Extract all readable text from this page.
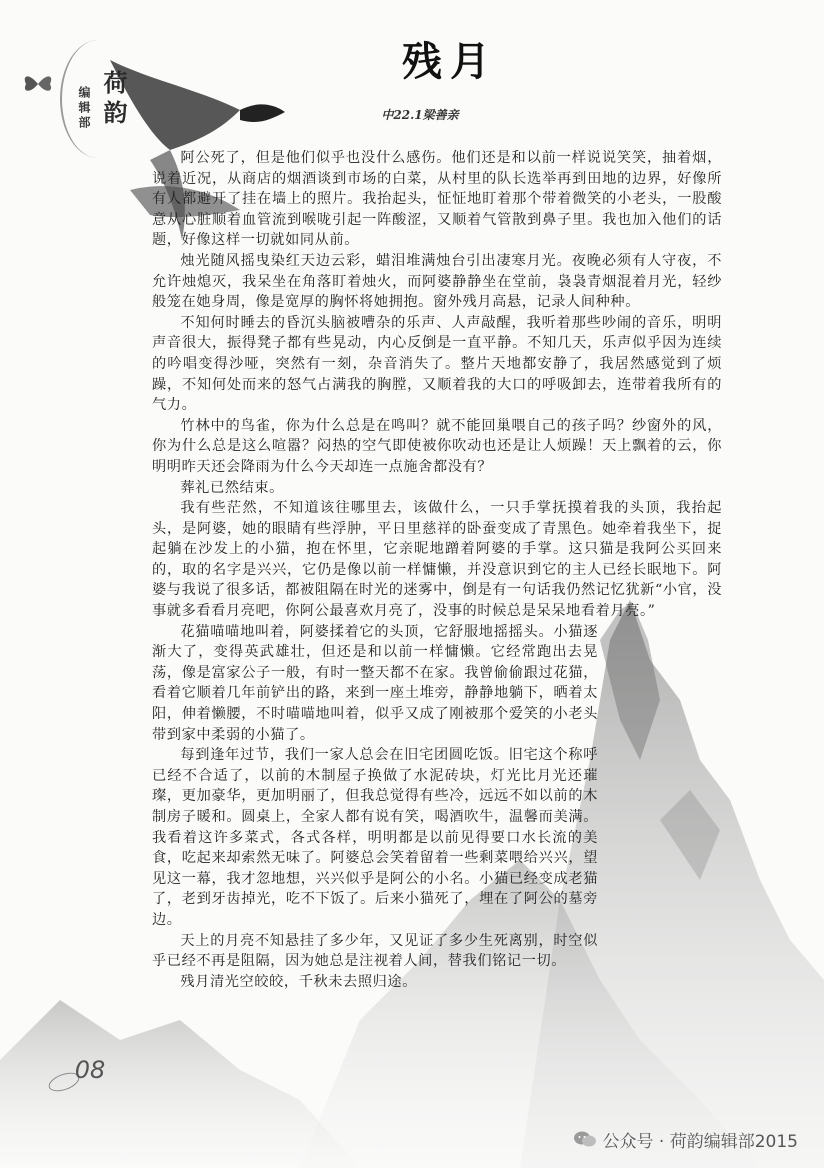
荷韵
编辑部
残月
中22.1梁善亲

阿公死了，但是他们似乎也没什么感伤。他们还是和以前一样说说笑笑，抽着烟，说着近况，从商店的烟酒谈到市场的白菜，从村里的队长选举再到田地的边界，好像所有人都避开了挂在墙上的照片。我抬起头，怔怔地盯着那个带着微笑的小老头，一股酸意从心脏顺着血管流到喉咙引起一阵酸涩，又顺着气管散到鼻子里。我也加入他们的话题，好像这样一切就如同从前。

烛光随风摇曳染红天边云彩，蜡泪堆满烛台引出凄寒月光。夜晚必须有人守夜，不允许烛熄灭，我呆坐在角落盯着烛火，而阿婆静静坐在堂前，袅袅青烟混着月光，轻纱般笼在她身周，像是宽厚的胸怀将她拥抱。窗外残月高悬，记录人间种种。

不知何时睡去的昏沉头脑被嘈杂的乐声、人声敲醒，我听着那些吵闹的音乐，明明声音很大，振得凳子都有些晃动，内心反倒是一直平静。不知几天，乐声似乎因为连续的吟唱变得沙哑，突然有一刻，杂音消失了。整片天地都安静了，我居然感觉到了烦躁，不知何处而来的怒气占满我的胸膛，又顺着我的大口的呼吸卸去，连带着我所有的气力。

竹林中的鸟雀，你为什么总是在鸣叫？就不能回巢喂自己的孩子吗？纱窗外的风，你为什么总是这么喧嚣？闷热的空气即使被你吹动也还是让人烦躁！天上飘着的云，你明明昨天还会降雨为什么今天却连一点施舍都没有？

葬礼已然结束。

我有些茫然，不知道该往哪里去，该做什么，一只手掌抚摸着我的头顶，我抬起头，是阿婆，她的眼睛有些浮肿，平日里慈祥的卧蚕变成了青黑色。她牵着我坐下，捉起躺在沙发上的小猫，抱在怀里，它亲昵地蹭着阿婆的手掌。这只猫是我阿公买回来的，取的名字是兴兴，它仍是像以前一样慵懒，并没意识到它的主人已经长眠地下。阿婆与我说了很多话，都被阻隔在时光的迷雾中，倒是有一句话我仍然记忆犹新“小官，没事就多看看月亮吧，你阿公最喜欢月亮了，没事的时候总是呆呆地看着月亮。”

花猫喵喵地叫着，阿婆揉着它的头顶，它舒服地摇摇头。小猫逐渐大了，变得英武雄壮，但还是和以前一样慵懒。它经常跑出去晃荡，像是富家公子一般，有时一整天都不在家。我曾偷偷跟过花猫，看着它顺着几年前铲出的路，来到一座土堆旁，静静地躺下，晒着太阳，伸着懒腰，不时喵喵地叫着，似乎又成了刚被那个爱笑的小老头带到家中柔弱的小猫了。

每到逢年过节，我们一家人总会在旧宅团圆吃饭。旧宅这个称呼已经不合适了，以前的木制屋子换做了水泥砖块，灯光比月光还璀璨，更加豪华，更加明丽了，但我总觉得有些冷，远远不如以前的木制房子暖和。圆桌上，全家人都有说有笑，喝酒吹牛，温馨而美满。我看着这许多菜式，各式各样，明明都是以前见得要口水长流的美食，吃起来却索然无味了。阿婆总会笑着留着一些剩菜喂给兴兴，望见这一幕，我才忽地想，兴兴似乎是阿公的小名。小猫已经变成老猫了，老到牙齿掉光，吃不下饭了。后来小猫死了，埋在了阿公的墓旁边。

天上的月亮不知悬挂了多少年，又见证了多少生死离别，时空似乎已经不再是阻隔，因为她总是注视着人间，替我们铭记一切。

残月清光空皎皎，千秋未去照归途。

08
公众号 · 荷韵编辑部2015
